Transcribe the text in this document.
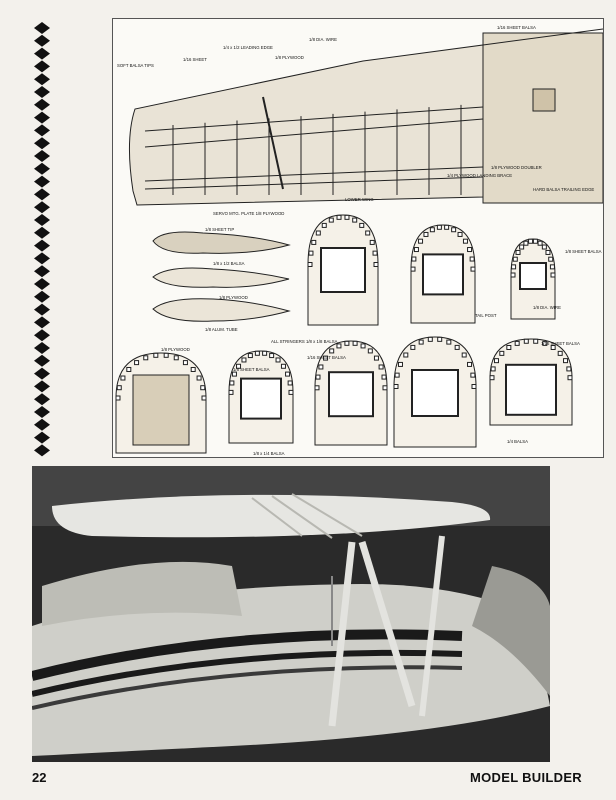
SOFT BALSA TIPS
1/16 SHEET
1/4 x 1/2 LEADING EDGE
1/8 PLYWOOD
1/8 DIA. WIRE
1/16 SHEET BALSA
1/4 PLYWOOD LANDING BRACE
1/8 PLYWOOD DOUBLER
HARD BALSA TRAILING EDGE
LOWER WING
SERVO MTG. PLATE 1/8 PLYWOOD
1/8 SHEET TIP
1/8 x 1/2 BALSA
1/8 PLYWOOD
1/8 ALUM. TUBE
1/8 DIA. WIRE
TAIL POST
1/8 SHEET BALSA
1/16 SHEET BALSA
1/8 PLYWOOD
ALL STRINGERS 1/8 x 1/8 BALSA
1/16 SHEET BALSA
1/8 SHEET BALSA
1/8 x 1/4 BALSA
1/4 BALSA
22	MODEL BUILDER
